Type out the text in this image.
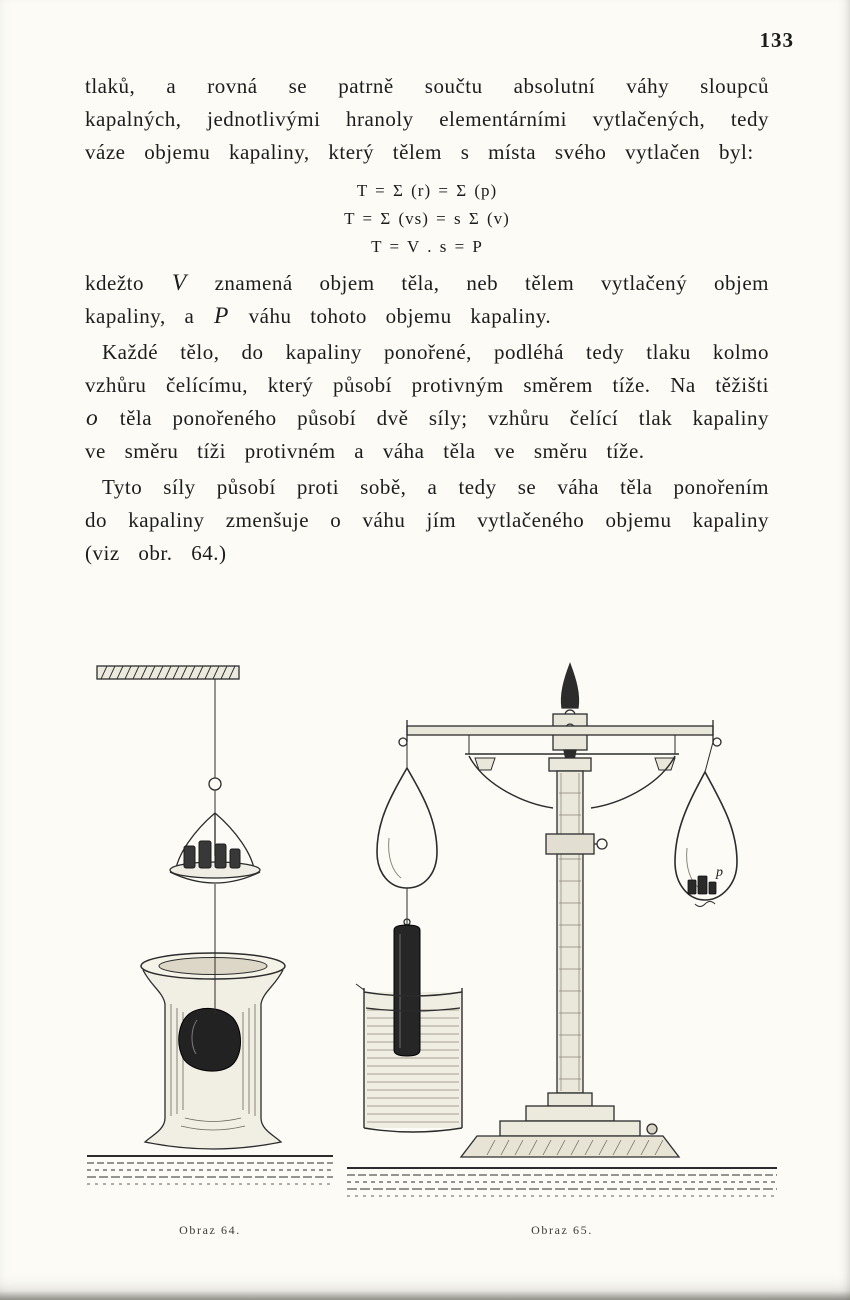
133

tlaků, a rovná se patrně součtu absolutní váhy sloupců kapalných, jednotlivými hranoly elementárními vytlačených, tedy váze objemu kapaliny, který tělem s místa svého vytlačen byl:

T = Σ (r) = Σ (p)
T = Σ (vs) = s Σ (v)
T = V . s = P

kdežto V znamená objem těla, neb tělem vytlačený objem kapaliny, a P váhu tohoto objemu kapaliny.

Každé tělo, do kapaliny ponořené, podléhá tedy tlaku kolmo vzhůru čelícímu, který působí protivným směrem tíže. Na těžišti o těla ponořeného působí dvě síly; vzhůru čelící tlak kapaliny ve směru tíži protivném a váha těla ve směru tíže.

Tyto síly působí proti sobě, a tedy se váha těla ponořením do kapaliny zmenšuje o váhu jím vytlačeného objemu kapaliny (viz obr. 64.)

Obraz 64.
p
Obraz 65.
